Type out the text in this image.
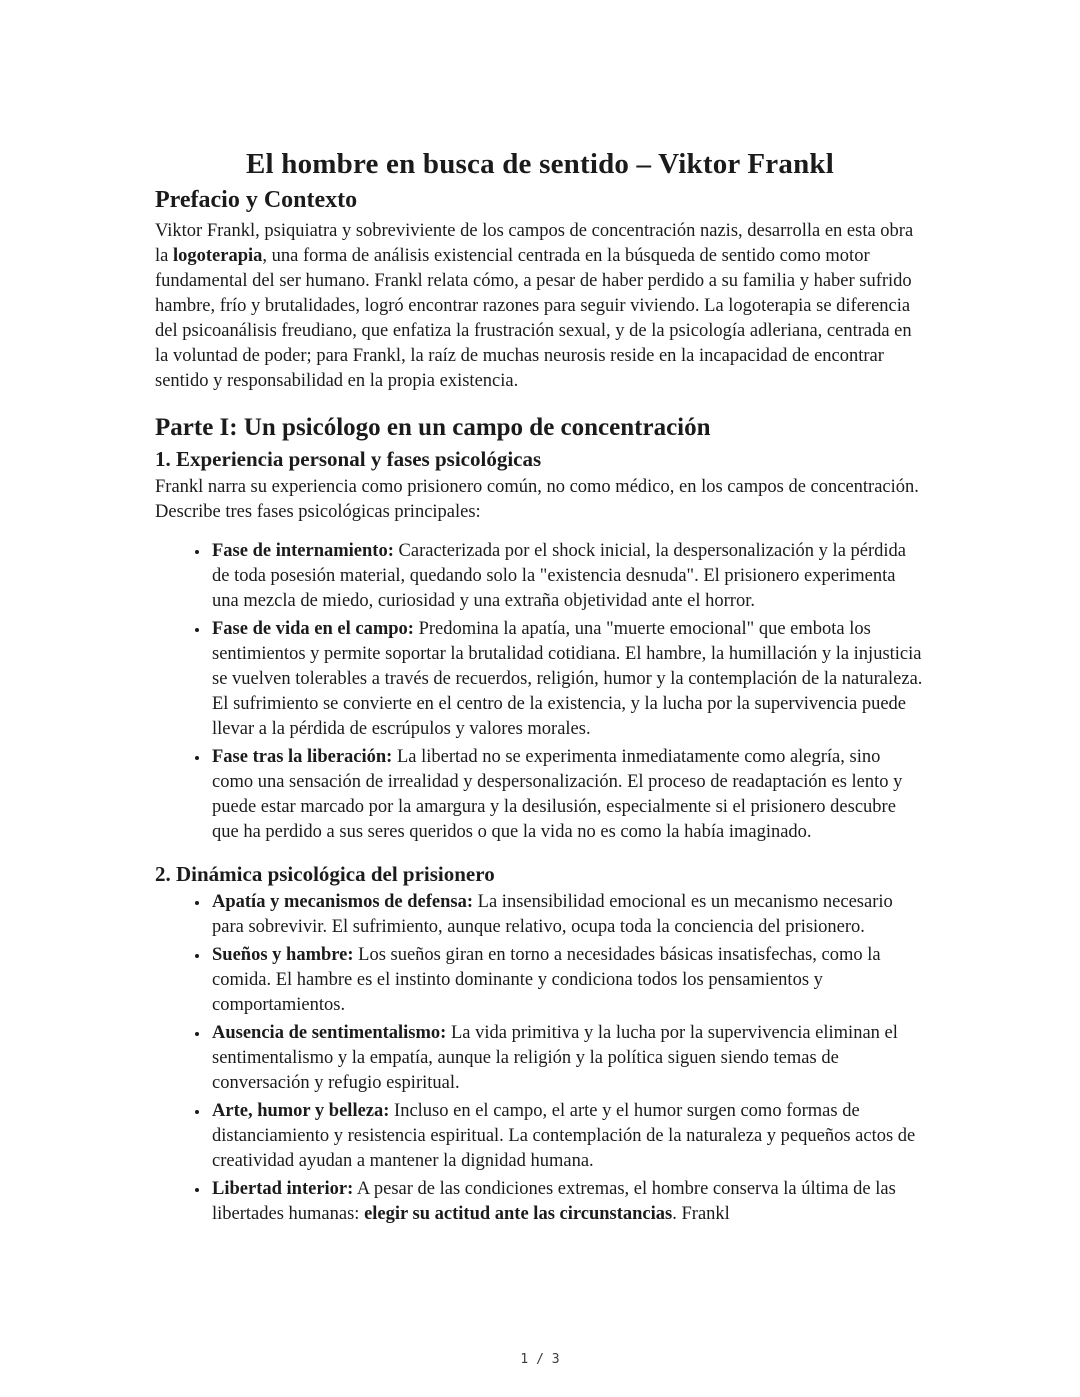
El hombre en busca de sentido – Viktor Frankl
Prefacio y Contexto

Viktor Frankl, psiquiatra y sobreviviente de los campos de concentración nazis, desarrolla en esta obra la logoterapia, una forma de análisis existencial centrada en la búsqueda de sentido como motor fundamental del ser humano. Frankl relata cómo, a pesar de haber perdido a su familia y haber sufrido hambre, frío y brutalidades, logró encontrar razones para seguir viviendo. La logoterapia se diferencia del psicoanálisis freudiano, que enfatiza la frustración sexual, y de la psicología adleriana, centrada en la voluntad de poder; para Frankl, la raíz de muchas neurosis reside en la incapacidad de encontrar sentido y responsabilidad en la propia existencia.

Parte I: Un psicólogo en un campo de concentración
1. Experiencia personal y fases psicológicas

Frankl narra su experiencia como prisionero común, no como médico, en los campos de concentración. Describe tres fases psicológicas principales:

• Fase de internamiento: Caracterizada por el shock inicial, la despersonalización y la pérdida de toda posesión material, quedando solo la "existencia desnuda". El prisionero experimenta una mezcla de miedo, curiosidad y una extraña objetividad ante el horror.
• Fase de vida en el campo: Predomina la apatía, una "muerte emocional" que embota los sentimientos y permite soportar la brutalidad cotidiana. El hambre, la humillación y la injusticia se vuelven tolerables a través de recuerdos, religión, humor y la contemplación de la naturaleza. El sufrimiento se convierte en el centro de la existencia, y la lucha por la supervivencia puede llevar a la pérdida de escrúpulos y valores morales.
• Fase tras la liberación: La libertad no se experimenta inmediatamente como alegría, sino como una sensación de irrealidad y despersonalización. El proceso de readaptación es lento y puede estar marcado por la amargura y la desilusión, especialmente si el prisionero descubre que ha perdido a sus seres queridos o que la vida no es como la había imaginado.
2. Dinámica psicológica del prisionero
• Apatía y mecanismos de defensa: La insensibilidad emocional es un mecanismo necesario para sobrevivir. El sufrimiento, aunque relativo, ocupa toda la conciencia del prisionero.
• Sueños y hambre: Los sueños giran en torno a necesidades básicas insatisfechas, como la comida. El hambre es el instinto dominante y condiciona todos los pensamientos y comportamientos.
• Ausencia de sentimentalismo: La vida primitiva y la lucha por la supervivencia eliminan el sentimentalismo y la empatía, aunque la religión y la política siguen siendo temas de conversación y refugio espiritual.
• Arte, humor y belleza: Incluso en el campo, el arte y el humor surgen como formas de distanciamiento y resistencia espiritual. La contemplación de la naturaleza y pequeños actos de creatividad ayudan a mantener la dignidad humana.
• Libertad interior: A pesar de las condiciones extremas, el hombre conserva la última de las libertades humanas: elegir su actitud ante las circunstancias. Frankl
1 / 3
